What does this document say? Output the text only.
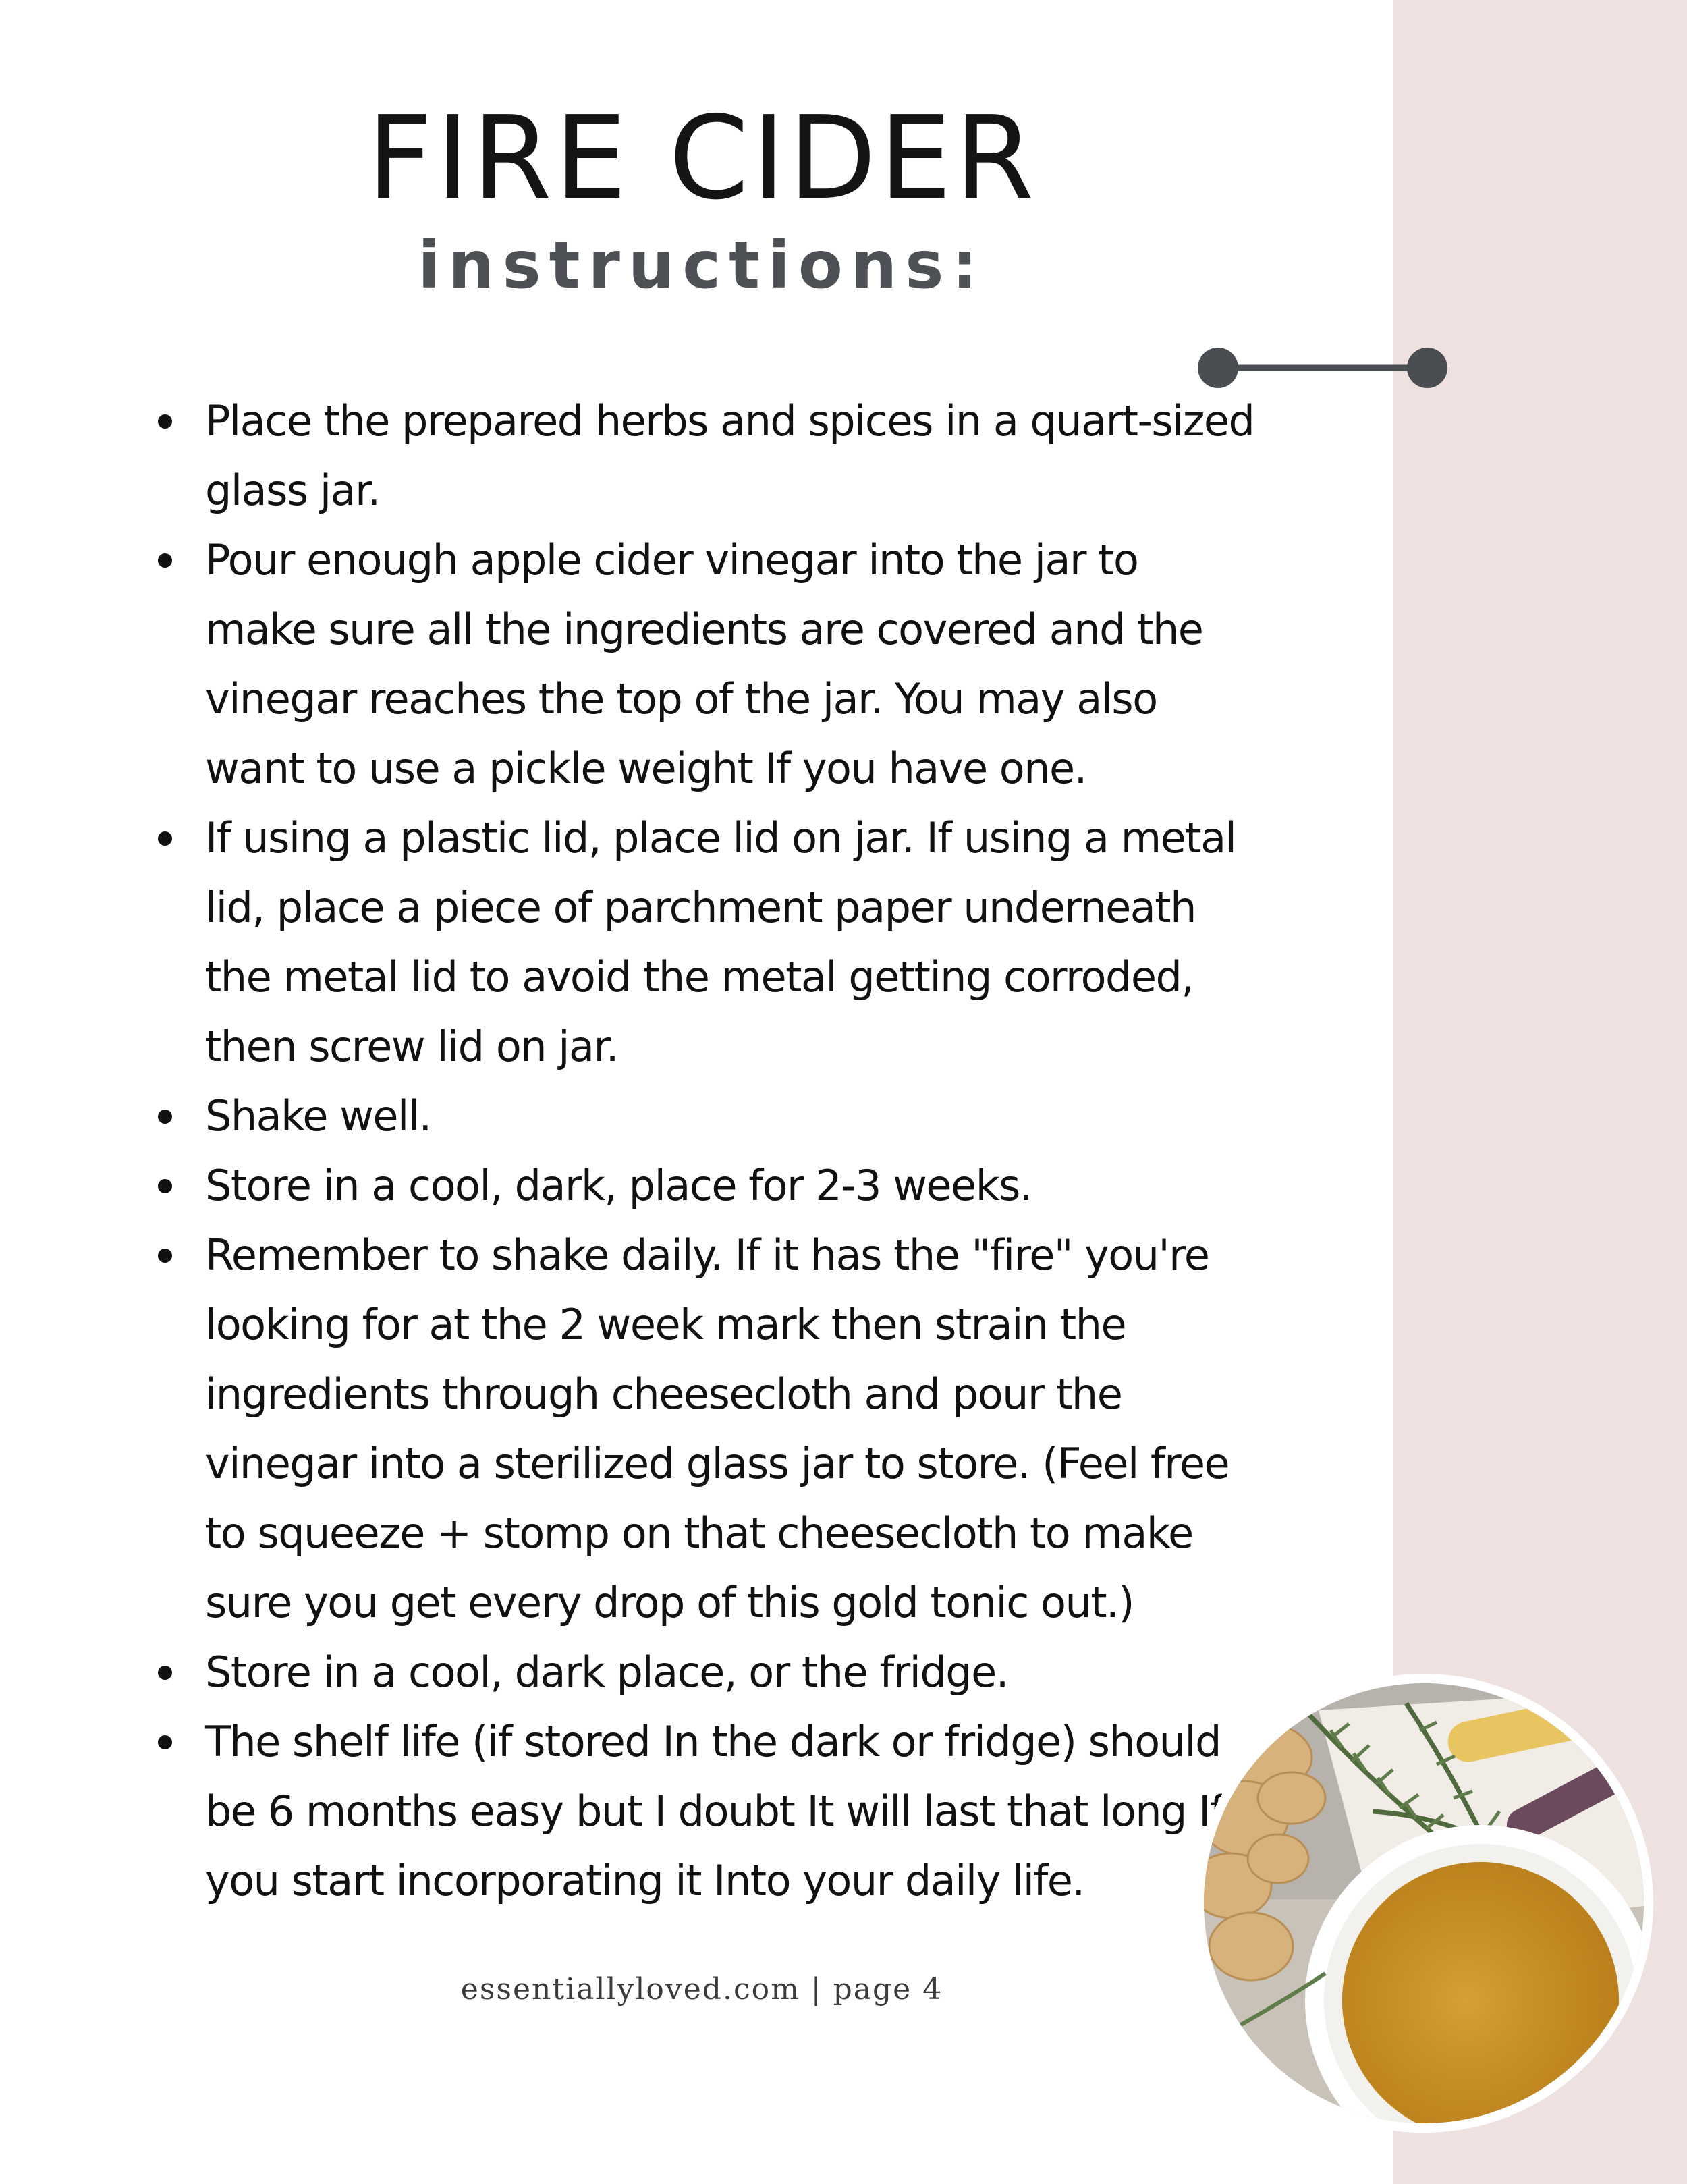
FIRE CIDER
instructions:
Place the prepared herbs and spices in a quart-sized glass jar.
Pour enough apple cider vinegar into the jar to make sure all the ingredients are covered and the vinegar reaches the top of the jar. You may also want to use a pickle weight If you have one.
If using a plastic lid, place lid on jar. If using a metal lid, place a piece of parchment paper underneath the metal lid to avoid the metal getting corroded, then screw lid on jar.
Shake well.
Store in a cool, dark, place for 2-3 weeks.
Remember to shake daily. If it has the "fire" you're looking for at the 2 week mark then strain the ingredients through cheesecloth and pour the vinegar into a sterilized glass jar to store. (Feel free to squeeze + stomp on that cheesecloth to make sure you get every drop of this gold tonic out.)
Store in a cool, dark place, or the fridge.
The shelf life (if stored In the dark or fridge) should be 6 months easy but I doubt It will last that long If you start incorporating it Into your daily life.
essentiallyloved.com | page 4
